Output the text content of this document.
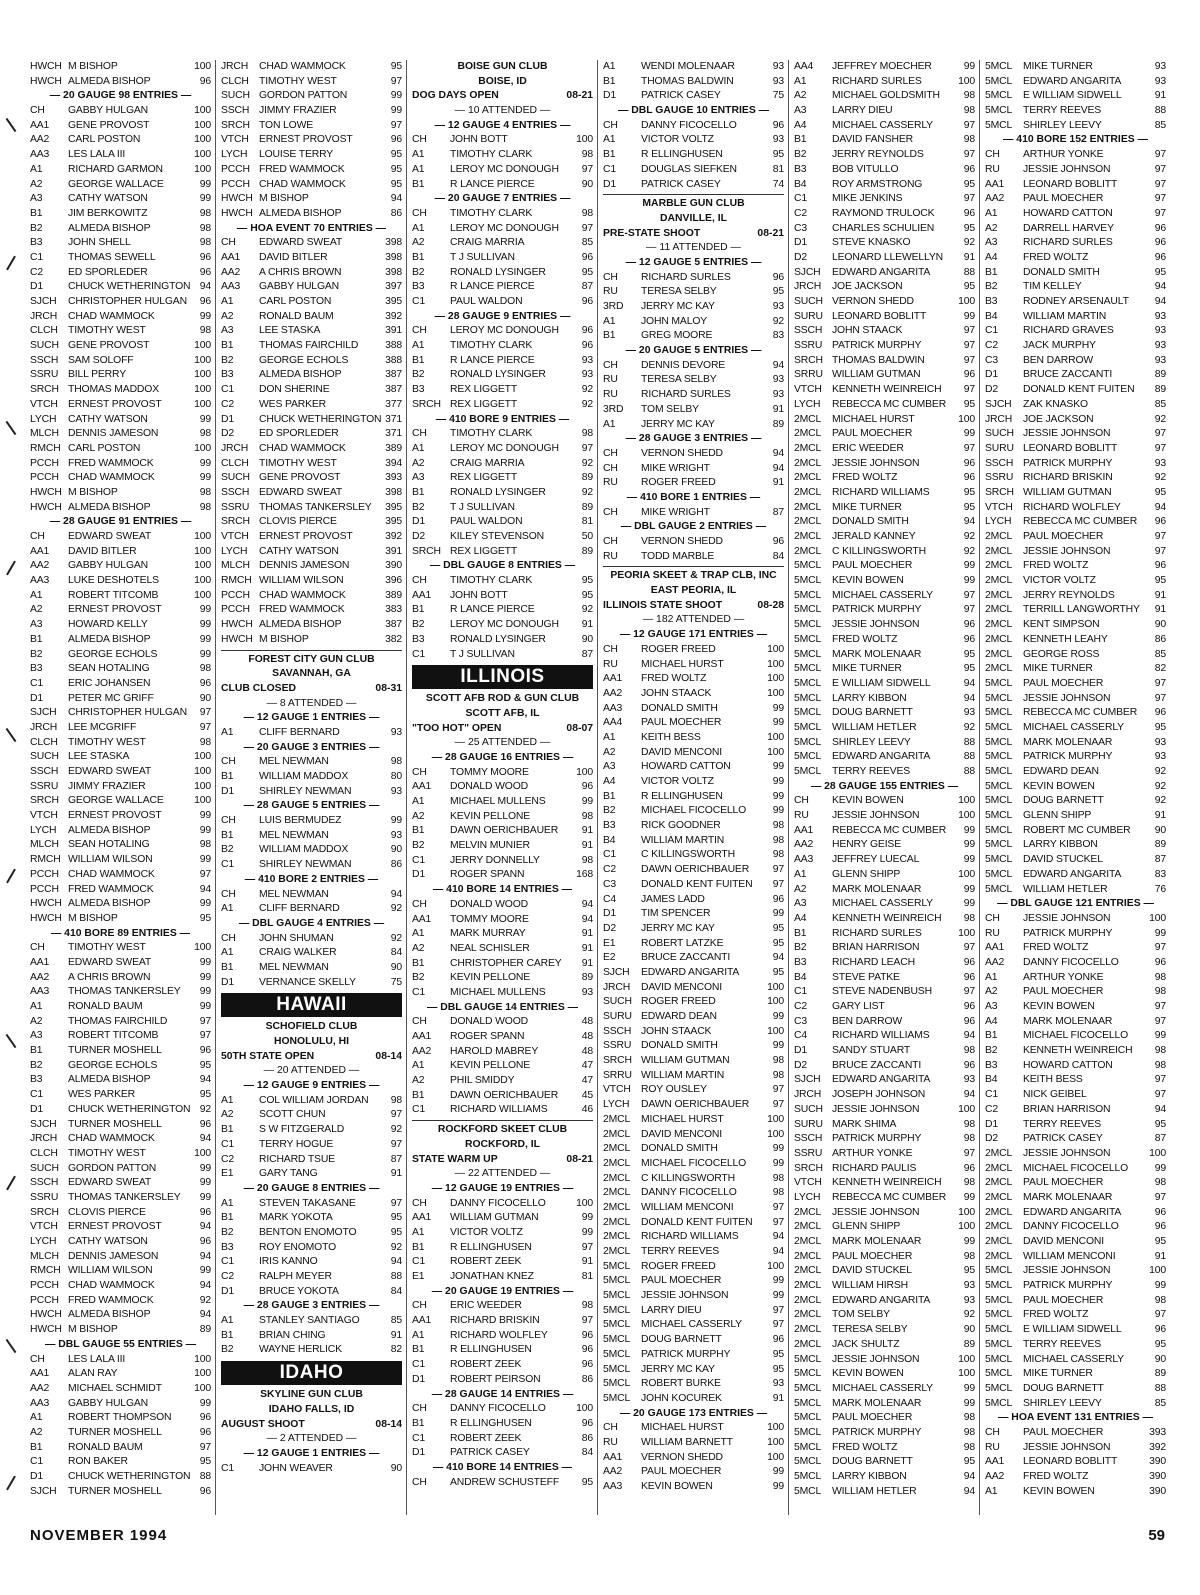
HWCH M BISHOP	100
HWCH ALMEDA BISHOP	96
— 20 GAUGE 98 ENTRIES —
CH	GABBY HULGAN	100
AA1	GENE PROVOST	100
AA2	CARL POSTON	100
AA3	LES LALA III	100
A1	RICHARD GARMON	100
A2	GEORGE WALLACE	99
A3	CATHY WATSON	99
B1	JIM BERKOWITZ	98
B2	ALMEDA BISHOP	98
B3	JOHN SHELL	98
C1	THOMAS SEWELL	96
C2	ED SPORLEDER	96
D1	CHUCK WETHERINGTON 94
SJCH	CHRISTOPHER HULGAN	96
JRCH	CHAD WAMMOCK	99
CLCH TIMOTHY WEST	98
SUCH GENE PROVOST	100
SSCH SAM SOLOFF	100
SSRU BILL PERRY	100
SRCH THOMAS MADDOX	100
VTCH ERNEST PROVOST	100
LYCH	CATHY WATSON	99
MLCH DENNIS JAMESON	98
RMCH CARL POSTON	100
PCCH FRED WAMMOCK	99
PCCH CHAD WAMMOCK	99
HWCH M BISHOP	98
HWCH ALMEDA BISHOP	98
— 28 GAUGE 91 ENTRIES —
CH	EDWARD SWEAT	100
AA1	DAVID BITLER	100
AA2	GABBY HULGAN	100
AA3	LUKE DESHOTELS	100
A1	ROBERT TITCOMB	100
A2	ERNEST PROVOST	99
A3	HOWARD KELLY	99
B1	ALMEDA BISHOP	99
B2	GEORGE ECHOLS	99
B3	SEAN HOTALING	98
C1	ERIC JOHANSEN	96
D1	PETER MC GRIFF	90
SJCH	CHRISTOPHER HULGAN	97
JRCH	LEE MCGRIFF	97
CLCH TIMOTHY WEST	98
SUCH LEE STASKA	100
SSCH EDWARD SWEAT	100
SSRU JIMMY FRAZIER	100
SRCH GEORGE WALLACE	100
VTCH ERNEST PROVOST	99
LYCH	ALMEDA BISHOP	99
MLCH SEAN HOTALING	98
RMCH WILLIAM WILSON	99
PCCH CHAD WAMMOCK	97
PCCH FRED WAMMOCK	94
HWCH ALMEDA BISHOP	99
HWCH M BISHOP	95
— 410 BORE 89 ENTRIES —
CH	TIMOTHY WEST	100
AA1	EDWARD SWEAT	99
AA2	A CHRIS BROWN	99
AA3	THOMAS TANKERSLEY	99
A1	RONALD BAUM	99
A2	THOMAS FAIRCHILD	97
A3	ROBERT TITCOMB	97
B1	TURNER MOSHELL	96
B2	GEORGE ECHOLS	95
B3	ALMEDA BISHOP	94
C1	WES PARKER	95
D1	CHUCK WETHERINGTON 92
SJCH	TURNER MOSHELL	96
JRCH	CHAD WAMMOCK	94
CLCH TIMOTHY WEST	100
SUCH GORDON PATTON	99
SSCH EDWARD SWEAT	99
SSRU THOMAS TANKERSLEY	99
SRCH CLOVIS PIERCE	96
VTCH ERNEST PROVOST	94
LYCH	CATHY WATSON	96
MLCH DENNIS JAMESON	94
RMCH WILLIAM WILSON	99
PCCH CHAD WAMMOCK	94
PCCH FRED WAMMOCK	92
HWCH ALMEDA BISHOP	94
HWCH M BISHOP	89
— DBL GAUGE 55 ENTRIES —
CH	LES LALA III	100
AA1	ALAN RAY	100
AA2	MICHAEL SCHMIDT	100
AA3	GABBY HULGAN	99
A1	ROBERT THOMPSON	96
A2	TURNER MOSHELL	96
B1	RONALD BAUM	97
C1	RON BAKER	95
D1	CHUCK WETHERINGTON 88
SJCH	TURNER MOSHELL	96
JRCH	CHAD WAMMOCK	95
CLCH TIMOTHY WEST	97
SUCH GORDON PATTON	99
SSCH JIMMY FRAZIER	99
SRCH TON LOWE	97
VTCH ERNEST PROVOST	96
LYCH	LOUISE TERRY	95
PCCH FRED WAMMOCK	95
PCCH CHAD WAMMOCK	95
HWCH M BISHOP	94
HWCH ALMEDA BISHOP	86
— HOA EVENT 70 ENTRIES —
CH	EDWARD SWEAT	398
AA1	DAVID BITLER	398
AA2	A CHRIS BROWN	398
AA3	GABBY HULGAN	397
A1	CARL POSTON	395
A2	RONALD BAUM	392
A3	LEE STASKA	391
B1	THOMAS FAIRCHILD	388
B2	GEORGE ECHOLS	388
B3	ALMEDA BISHOP	387
C1	DON SHERINE	387
C2	WES PARKER	377
D1	CHUCK WETHERINGTON 371
D2	ED SPORLEDER	371
JRCH	CHAD WAMMOCK	389
CLCH TIMOTHY WEST	394
SUCH GENE PROVOST	393
SSCH EDWARD SWEAT	398
SSRU THOMAS TANKERSLEY	395
SRCH CLOVIS PIERCE	395
VTCH ERNEST PROVOST	392
LYCH	CATHY WATSON	391
MLCH DENNIS JAMESON	390
RMCH WILLIAM WILSON	396
PCCH CHAD WAMMOCK	389
PCCH FRED WAMMOCK	383
HWCH ALMEDA BISHOP	387
HWCH M BISHOP	382
FOREST CITY GUN CLUB
SAVANNAH, GA
CLUB CLOSED	08-31
— 8 ATTENDED —
— 12 GAUGE 1 ENTRIES —
A1	CLIFF BERNARD	93
— 20 GAUGE 3 ENTRIES —
CH	MEL NEWMAN	98
B1	WILLIAM MADDOX	80
D1	SHIRLEY NEWMAN	93
— 28 GAUGE 5 ENTRIES —
CH	LUIS BERMUDEZ	99
B1	MEL NEWMAN	93
B2	WILLIAM MADDOX	90
C1	SHIRLEY NEWMAN	86
— 410 BORE 2 ENTRIES —
CH	MEL NEWMAN	94
A1	CLIFF BERNARD	92
— DBL GAUGE 4 ENTRIES —
CH	JOHN SHUMAN	92
A1	CRAIG WALKER	84
B1	MEL NEWMAN	90
D1	VERNANCE SKELLY	75
HAWAII
SCHOFIELD CLUB
HONOLULU, HI
50TH STATE OPEN	08-14
— 20 ATTENDED —
— 12 GAUGE 9 ENTRIES —
A1	COL WILLIAM JORDAN	98
A2	SCOTT CHUN	97
B1	S W FITZGERALD	92
C1	TERRY HOGUE	97
C2	RICHARD TSUE	87
E1	GARY TANG	91
— 20 GAUGE 8 ENTRIES —
A1	STEVEN TAKASANE	97
B1	MARK YOKOTA	95
B2	BENTON ENOMOTO	95
B3	ROY ENOMOTO	92
C1	IRIS KANNO	94
C2	RALPH MEYER	88
D1	BRUCE YOKOTA	84
— 28 GAUGE 3 ENTRIES —
A1	STANLEY SANTIAGO	85
B1	BRIAN CHING	91
B2	WAYNE HERLICK	82
IDAHO
SKYLINE GUN CLUB
IDAHO FALLS, ID
AUGUST SHOOT	08-14
— 2 ATTENDED —
— 12 GAUGE 1 ENTRIES —
C1	JOHN WEAVER	90
BOISE GUN CLUB
BOISE, ID
DOG DAYS OPEN	08-21
— 10 ATTENDED —
— 12 GAUGE 4 ENTRIES —
CH	JOHN BOTT	100
A1	TIMOTHY CLARK	98
A1	LEROY MC DONOUGH	97
B1	R LANCE PIERCE	90
— 20 GAUGE 7 ENTRIES —
CH	TIMOTHY CLARK	98
A1	LEROY MC DONOUGH	97
A2	CRAIG MARRIA	85
B1	T J SULLIVAN	96
B2	RONALD LYSINGER	95
B3	R LANCE PIERCE	87
C1	PAUL WALDON	96
— 28 GAUGE 9 ENTRIES —
CH	LEROY MC DONOUGH	96
A1	TIMOTHY CLARK	96
B1	R LANCE PIERCE	93
B2	RONALD LYSINGER	93
B3	REX LIGGETT	92
SRCH REX LIGGETT	92
— 410 BORE 9 ENTRIES —
CH	TIMOTHY CLARK	98
A1	LEROY MC DONOUGH	97
A2	CRAIG MARRIA	92
A3	REX LIGGETT	89
B1	RONALD LYSINGER	92
B2	T J SULLIVAN	89
D1	PAUL WALDON	81
D2	KILEY STEVENSON	50
SRCH REX LIGGETT	89
— DBL GAUGE 8 ENTRIES —
CH	TIMOTHY CLARK	95
AA1	JOHN BOTT	95
B1	R LANCE PIERCE	92
B2	LEROY MC DONOUGH	91
B3	RONALD LYSINGER	90
C1	T J SULLIVAN	87
ILLINOIS
SCOTT AFB ROD & GUN CLUB
SCOTT AFB, IL
"TOO HOT" OPEN	08-07
— 25 ATTENDED —
— 28 GAUGE 16 ENTRIES —
CH	TOMMY MOORE	100
AA1	DONALD WOOD	96
A1	MICHAEL MULLENS	99
A2	KEVIN PELLONE	98
B1	DAWN OERICHBAUER	91
B2	MELVIN MUNIER	91
C1	JERRY DONNELLY	98
D1	ROGER SPANN	168
— 410 BORE 14 ENTRIES —
CH	DONALD WOOD	94
AA1	TOMMY MOORE	94
A1	MARK MURRAY	91
A2	NEAL SCHISLER	91
B1	CHRISTOPHER CAREY	91
B2	KEVIN PELLONE	89
C1	MICHAEL MULLENS	93
— DBL GAUGE 14 ENTRIES —
CH	DONALD WOOD	48
AA1	ROGER SPANN	48
AA2	HAROLD MABREY	48
A1	KEVIN PELLONE	47
A2	PHIL SMIDDY	47
B1	DAWN OERICHBAUER	45
C1	RICHARD WILLIAMS	46
ROCKFORD SKEET CLUB
ROCKFORD, IL
STATE WARM UP	08-21
— 22 ATTENDED —
— 12 GAUGE 19 ENTRIES —
CH	DANNY FICOCELLO	100
AA1	WILLIAM GUTMAN	99
A1	VICTOR VOLTZ	99
B1	R ELLINGHUSEN	97
C1	ROBERT ZEEK	91
E1	JONATHAN KNEZ	81
— 20 GAUGE 19 ENTRIES —
CH	ERIC WEEDER	98
AA1	RICHARD BRISKIN	97
A1	RICHARD WOLFLEY	96
B1	R ELLINGHUSEN	96
C1	ROBERT ZEEK	96
D1	ROBERT PEIRSON	86
— 28 GAUGE 14 ENTRIES —
CH	DANNY FICOCELLO	100
B1	R ELLINGHUSEN	96
C1	ROBERT ZEEK	86
D1	PATRICK CASEY	84
— 410 BORE 14 ENTRIES —
CH	ANDREW SCHUSTEFF	95
A1	WENDI MOLENAAR	93
B1	THOMAS BALDWIN	93
D1	PATRICK CASEY	75
— DBL GAUGE 10 ENTRIES —
CH	DANNY FICOCELLO	96
A1	VICTOR VOLTZ	93
B1	R ELLINGHUSEN	95
C1	DOUGLAS SIEFKEN	81
D1	PATRICK CASEY	74
MARBLE GUN CLUB
DANVILLE, IL
PRE-STATE SHOOT	08-21
— 11 ATTENDED —
— 12 GAUGE 5 ENTRIES —
CH	RICHARD SURLES	96
RU	TERESA SELBY	95
3RD	JERRY MC KAY	93
A1	JOHN MALOY	92
B1	GREG MOORE	83
— 20 GAUGE 5 ENTRIES —
CH	DENNIS DEVORE	94
RU	TERESA SELBY	93
RU	RICHARD SURLES	93
3RD	TOM SELBY	91
A1	JERRY MC KAY	89
— 28 GAUGE 3 ENTRIES —
CH	VERNON SHEDD	94
CH	MIKE WRIGHT	94
RU	ROGER FREED	91
— 410 BORE 1 ENTRIES —
CH	MIKE WRIGHT	87
— DBL GAUGE 2 ENTRIES —
CH	VERNON SHEDD	96
RU	TODD MARBLE	84
PEORIA SKEET & TRAP CLB, INC
EAST PEORIA, IL
ILLINOIS STATE SHOOT	08-28
— 182 ATTENDED —
— 12 GAUGE 171 ENTRIES —
CH	ROGER FREED	100
RU	MICHAEL HURST	100
AA1	FRED WOLTZ	100
AA2	JOHN STAACK	100
AA3	DONALD SMITH	99
AA4	PAUL MOECHER	99
A1	KEITH BESS	100
A2	DAVID MENCONI	100
A3	HOWARD CATTON	99
A4	VICTOR VOLTZ	99
B1	R ELLINGHUSEN	99
B2	MICHAEL FICOCELLO	99
B3	RICK GOODNER	98
B4	WILLIAM MARTIN	98
C1	C KILLINGSWORTH	98
C2	DAWN OERICHBAUER	97
C3	DONALD KENT FUITEN	97
C4	JAMES LADD	96
D1	TIM SPENCER	99
D2	JERRY MC KAY	95
E1	ROBERT LATZKE	95
E2	BRUCE ZACCANTI	94
SJCH	EDWARD ANGARITA	95
JRCH	DAVID MENCONI	100
SUCH ROGER FREED	100
SURU EDWARD DEAN	99
SSCH JOHN STAACK	100
SSRU DONALD SMITH	99
SRCH WILLIAM GUTMAN	98
SRRU WILLIAM MARTIN	98
VTCH ROY OUSLEY	97
LYCH	DAWN OERICHBAUER	97
2MCL	MICHAEL HURST	100
2MCL	DAVID MENCONI	100
2MCL	DONALD SMITH	99
2MCL	MICHAEL FICOCELLO	99
2MCL	C KILLINGSWORTH	98
2MCL	DANNY FICOCELLO	98
2MCL	WILLIAM MENCONI	97
2MCL	DONALD KENT FUITEN	97
2MCL	RICHARD WILLIAMS	94
2MCL	TERRY REEVES	94
5MCL	ROGER FREED	100
5MCL	PAUL MOECHER	99
5MCL	JESSIE JOHNSON	99
5MCL	LARRY DIEU	97
5MCL	MICHAEL CASSERLY	97
5MCL	DOUG BARNETT	96
5MCL	PATRICK MURPHY	95
5MCL	JERRY MC KAY	95
5MCL	ROBERT BURKE	93
5MCL	JOHN KOCUREK	91
— 20 GAUGE 173 ENTRIES —
CH	MICHAEL HURST	100
RU	WILLIAM BARNETT	100
AA1	VERNON SHEDD	100
AA2	PAUL MOECHER	99
AA3	KEVIN BOWEN	99
AA4	JEFFREY MOECHER	99
A1	RICHARD SURLES	100
A2	MICHAEL GOLDSMITH	98
A3	LARRY DIEU	98
A4	MICHAEL CASSERLY	97
B1	DAVID FANSHER	98
B2	JERRY REYNOLDS	97
B3	BOB VITULLO	96
B4	ROY ARMSTRONG	95
C1	MIKE JENKINS	97
C2	RAYMOND TRULOCK	96
C3	CHARLES SCHULIEN	95
D1	STEVE KNASKO	92
D2	LEONARD LLEWELLYN	91
SJCH	EDWARD ANGARITA	88
JRCH	JOE JACKSON	95
SUCH VERNON SHEDD	100
SURU LEONARD BOBLITT	99
SSCH JOHN STAACK	97
SSRU PATRICK MURPHY	97
SRCH THOMAS BALDWIN	97
SRRU WILLIAM GUTMAN	96
VTCH KENNETH WEINREICH	97
LYCH	REBECCA MC CUMBER	95
2MCL	MICHAEL HURST	100
2MCL	PAUL MOECHER	99
2MCL	ERIC WEEDER	97
2MCL	JESSIE JOHNSON	96
2MCL	FRED WOLTZ	96
2MCL	RICHARD WILLIAMS	95
2MCL	MIKE TURNER	95
2MCL	DONALD SMITH	94
2MCL	JERALD KANNEY	92
2MCL	C KILLINGSWORTH	92
5MCL	PAUL MOECHER	99
5MCL	KEVIN BOWEN	99
5MCL	MICHAEL CASSERLY	97
5MCL	PATRICK MURPHY	97
5MCL	JESSIE JOHNSON	96
5MCL	FRED WOLTZ	96
5MCL	MARK MOLENAAR	95
5MCL	MIKE TURNER	95
5MCL	E WILLIAM SIDWELL	94
5MCL	LARRY KIBBON	94
5MCL	DOUG BARNETT	93
5MCL	WILLIAM HETLER	92
5MCL	SHIRLEY LEEVY	88
5MCL	EDWARD ANGARITA	88
5MCL	TERRY REEVES	88
— 28 GAUGE 155 ENTRIES —
CH	KEVIN BOWEN	100
RU	JESSIE JOHNSON	100
AA1	REBECCA MC CUMBER	99
AA2	HENRY GEISE	99
AA3	JEFFREY LUECAL	99
A1	GLENN SHIPP	100
A2	MARK MOLENAAR	99
A3	MICHAEL CASSERLY	99
A4	KENNETH WEINREICH	98
B1	RICHARD SURLES	100
B2	BRIAN HARRISON	97
B3	RICHARD LEACH	96
B4	STEVE PATKE	96
C1	STEVE NADENBUSH	97
C2	GARY LIST	96
C3	BEN DARROW	96
C4	RICHARD WILLIAMS	94
D1	SANDY STUART	98
D2	BRUCE ZACCANTI	96
SJCH	EDWARD ANGARITA	93
JRCH	JOSEPH JOHNSON	94
SUCH JESSIE JOHNSON	100
SURU MARK SHIMA	98
SSCH PATRICK MURPHY	98
SSRU ARTHUR YONKE	97
SRCH RICHARD PAULIS	96
VTCH KENNETH WEINREICH	98
LYCH	REBECCA MC CUMBER	99
2MCL	JESSIE JOHNSON	100
2MCL	GLENN SHIPP	100
2MCL	MARK MOLENAAR	99
2MCL	PAUL MOECHER	98
2MCL	DAVID STUCKEL	95
2MCL	WILLIAM HIRSH	93
2MCL	EDWARD ANGARITA	93
2MCL	TOM SELBY	92
2MCL	TERESA SELBY	90
2MCL	JACK SHULTZ	89
5MCL	JESSIE JOHNSON	100
5MCL	KEVIN BOWEN	100
5MCL	MICHAEL CASSERLY	99
5MCL	MARK MOLENAAR	99
5MCL	PAUL MOECHER	98
5MCL	PATRICK MURPHY	98
5MCL	FRED WOLTZ	98
5MCL	DOUG BARNETT	95
5MCL	LARRY KIBBON	94
5MCL	WILLIAM HETLER	94
5MCL	MIKE TURNER	93
5MCL	EDWARD ANGARITA	93
5MCL	E WILLIAM SIDWELL	91
5MCL	TERRY REEVES	88
5MCL	SHIRLEY LEEVY	85
— 410 BORE 152 ENTRIES —
CH	ARTHUR YONKE	97
RU	JESSIE JOHNSON	97
AA1	LEONARD BOBLITT	97
AA2	PAUL MOECHER	97
A1	HOWARD CATTON	97
A2	DARRELL HARVEY	96
A3	RICHARD SURLES	96
A4	FRED WOLTZ	96
B1	DONALD SMITH	95
B2	TIM KELLEY	94
B3	RODNEY ARSENAULT	94
B4	WILLIAM MARTIN	93
C1	RICHARD GRAVES	93
C2	JACK MURPHY	93
C3	BEN DARROW	93
D1	BRUCE ZACCANTI	89
D2	DONALD KENT FUITEN	89
SJCH	ZAK KNASKO	85
JRCH	JOE JACKSON	92
SUCH JESSIE JOHNSON	97
SURU LEONARD BOBLITT	97
SSCH PATRICK MURPHY	93
SSRU RICHARD BRISKIN	92
SRCH WILLIAM GUTMAN	95
VTCH RICHARD WOLFLEY	94
LYCH	REBECCA MC CUMBER	96
2MCL	PAUL MOECHER	97
2MCL	JESSIE JOHNSON	97
2MCL	FRED WOLTZ	96
2MCL	VICTOR VOLTZ	95
2MCL	JERRY REYNOLDS	91
2MCL	TERRILL LANGWORTHY	91
2MCL	KENT SIMPSON	90
2MCL	KENNETH LEAHY	86
2MCL	GEORGE ROSS	85
2MCL	MIKE TURNER	82
5MCL	PAUL MOECHER	97
5MCL	JESSIE JOHNSON	97
5MCL	REBECCA MC CUMBER	96
5MCL	MICHAEL CASSERLY	95
5MCL	MARK MOLENAAR	93
5MCL	PATRICK MURPHY	93
5MCL	EDWARD DEAN	92
5MCL	KEVIN BOWEN	92
5MCL	DOUG BARNETT	92
5MCL	GLENN SHIPP	91
5MCL	ROBERT MC CUMBER	90
5MCL	LARRY KIBBON	89
5MCL	DAVID STUCKEL	87
5MCL	EDWARD ANGARITA	83
5MCL	WILLIAM HETLER	76
— DBL GAUGE 121 ENTRIES —
CH	JESSIE JOHNSON	100
RU	PATRICK MURPHY	99
AA1	FRED WOLTZ	97
AA2	DANNY FICOCELLO	96
A1	ARTHUR YONKE	98
A2	PAUL MOECHER	98
A3	KEVIN BOWEN	97
A4	MARK MOLENAAR	97
B1	MICHAEL FICOCELLO	99
B2	KENNETH WEINREICH	98
B3	HOWARD CATTON	98
B4	KEITH BESS	97
C1	NICK GEIBEL	97
C2	BRIAN HARRISON	94
D1	TERRY REEVES	95
D2	PATRICK CASEY	87
2MCL	JESSIE JOHNSON	100
2MCL	MICHAEL FICOCELLO	99
2MCL	PAUL MOECHER	98
2MCL	MARK MOLENAAR	97
2MCL	EDWARD ANGARITA	96
2MCL	DANNY FICOCELLO	96
2MCL	DAVID MENCONI	95
2MCL	WILLIAM MENCONI	91
5MCL	JESSIE JOHNSON	100
5MCL	PATRICK MURPHY	99
5MCL	PAUL MOECHER	98
5MCL	FRED WOLTZ	97
5MCL	E WILLIAM SIDWELL	96
5MCL	TERRY REEVES	95
5MCL	MICHAEL CASSERLY	90
5MCL	MIKE TURNER	89
5MCL	DOUG BARNETT	88
5MCL	SHIRLEY LEEVY	85
— HOA EVENT 131 ENTRIES —
CH	PAUL MOECHER	393
RU	JESSIE JOHNSON	392
AA1	LEONARD BOBLITT	390
AA2	FRED WOLTZ	390
A1	KEVIN BOWEN	390
NOVEMBER 1994	59
